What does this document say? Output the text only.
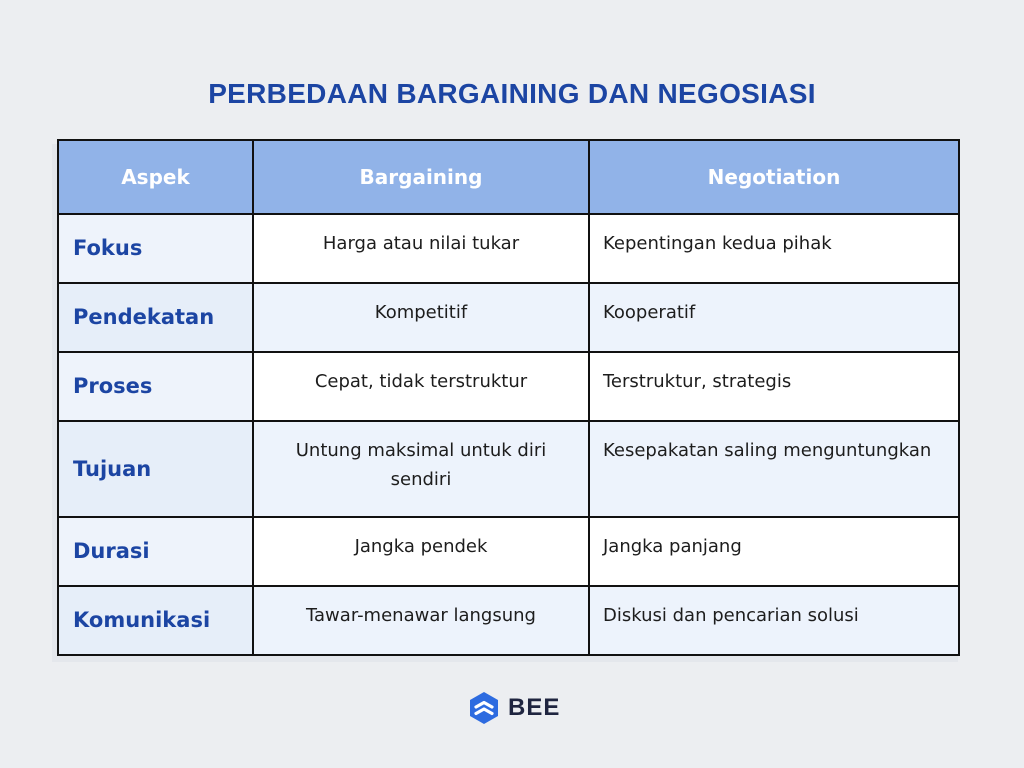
PERBEDAAN BARGAINING DAN NEGOSIASI
Aspek	Bargaining	Negotiation
Fokus	Harga atau nilai tukar	Kepentingan kedua pihak
Pendekatan	Kompetitif	Kooperatif
Proses	Cepat, tidak terstruktur	Terstruktur, strategis
Tujuan	Untung maksimal untuk diri sendiri	Kesepakatan saling menguntungkan
Durasi	Jangka pendek	Jangka panjang
Komunikasi	Tawar-menawar langsung	Diskusi dan pencarian solusi
BEE
